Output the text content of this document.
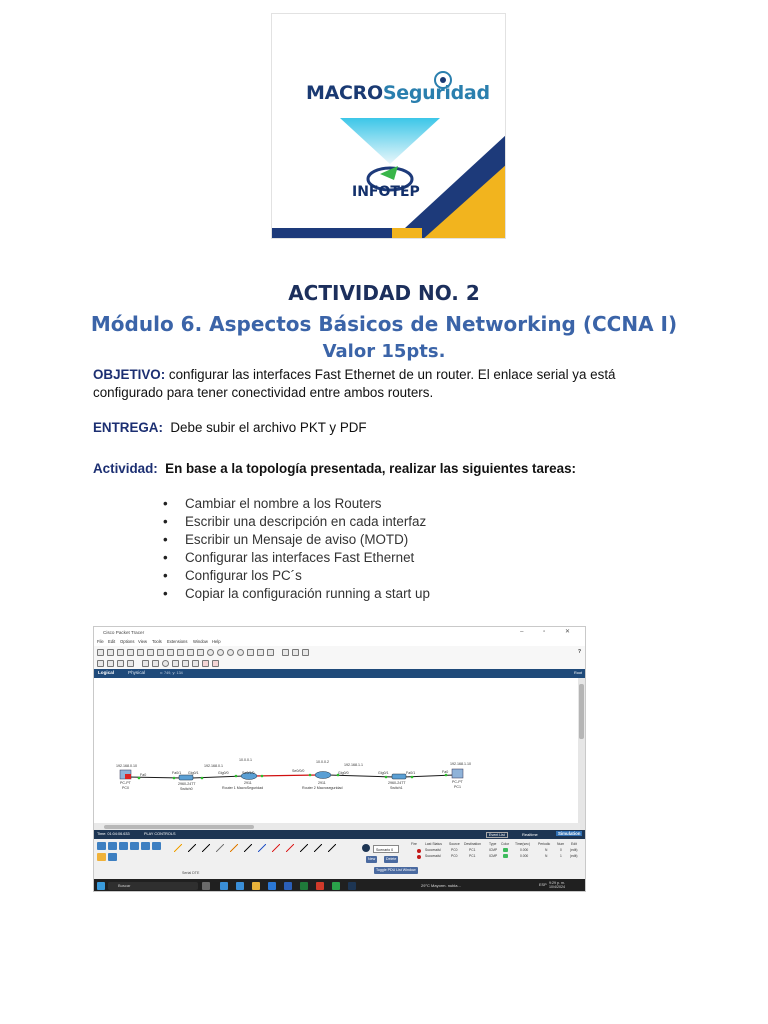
MACROSeguridad
INFOTEP
ACTIVIDAD NO. 2
Módulo 6. Aspectos Básicos de Networking (CCNA I)
Valor 15pts.
OBJETIVO: configurar las interfaces Fast Ethernet de un router. El enlace serial ya está configurado para tener conectividad entre ambos routers.
ENTREGA:  Debe subir el archivo PKT y PDF
Actividad:  En base a la topología presentada, realizar las siguientes tareas:
• Cambiar el nombre a los Routers
• Escribir una descripción en cada interfaz
• Escribir un Mensaje de aviso (MOTD)
• Configurar las interfaces Fast Ethernet
• Configurar los PC´s
• Copiar la configuración running a start up
Cisco Packet Tracer	– ▫ ✕
File Edit Options View Tools Extensions Window Help
?
Logical	Physical	x: 749, y: 134	Root
192.168.0.10
Fa0
PC-PT
PC0
Fa0/1 Gig0/1
2960-24TT
Switch0
192.168.0.1
Gig0/0
10.0.0.1
Se0/1/0
2911
Router 1 MacroSeguridad
Se0/0/0
10.0.0.2
Gig0/0
2911
Router 2 Macroseguridad
192.168.1.1
Gig0/1	Fa0/1
2960-24TT
Switch1
192.168.1.10
Fa0
PC-PT
PC1
Time: 01:04:06.633	PLAY CONTROLS	Event List	Realtime	Simulation
Serial DTE
Scenario 0
New	Delete
Toggle PDU List Window
Fire Last Status Source Destination Type Color Time(sec) Periodic Num Edit
Successful	PC0	PC1	ICMP	0.000	N	0 (edit)
Successful	PC0	PC1	ICMP	0.000	N	1 (edit)
Buscar	29°C Mayorm. nubla...	ESP 9:29 p. m.
10/4/2024
